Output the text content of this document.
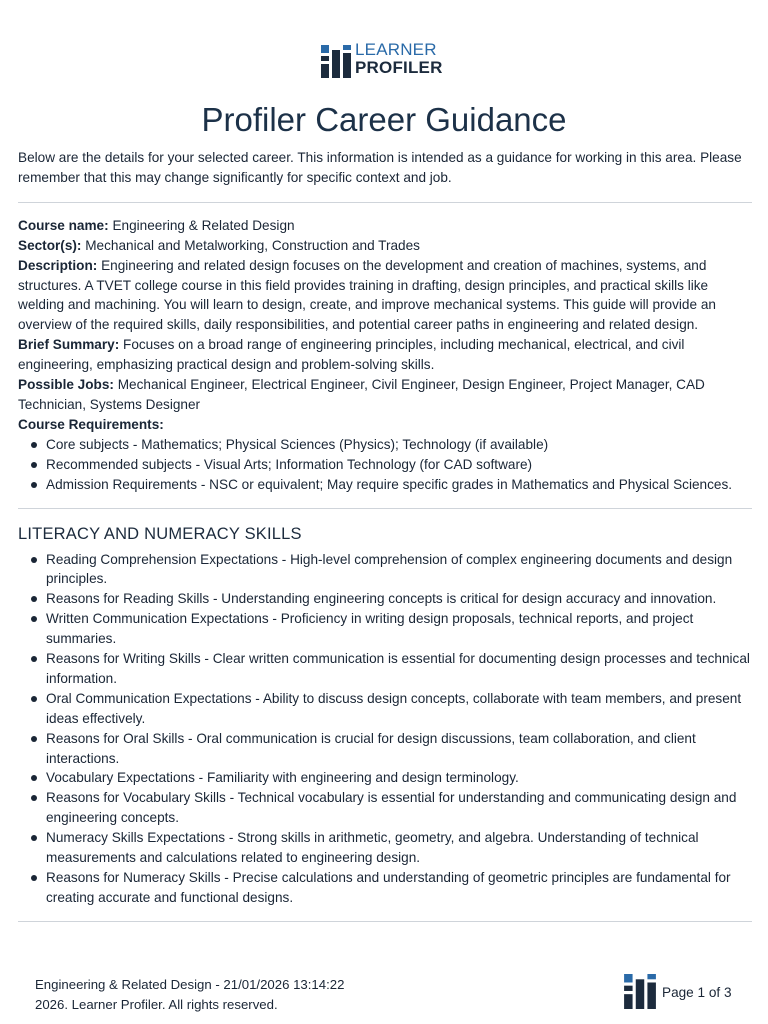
LEARNER
PROFILER
Profiler Career Guidance

Below are the details for your selected career. This information is intended as a guidance for working in this area. Please remember that this may change significantly for specific context and job.

Course name: Engineering & Related Design

Sector(s): Mechanical and Metalworking, Construction and Trades

Description: Engineering and related design focuses on the development and creation of machines, systems, and structures. A TVET college course in this field provides training in drafting, design principles, and practical skills like welding and machining. You will learn to design, create, and improve mechanical systems. This guide will provide an overview of the required skills, daily responsibilities, and potential career paths in engineering and related design.

Brief Summary: Focuses on a broad range of engineering principles, including mechanical, electrical, and civil engineering, emphasizing practical design and problem-solving skills.

Possible Jobs: Mechanical Engineer, Electrical Engineer, Civil Engineer, Design Engineer, Project Manager, CAD Technician, Systems Designer

Course Requirements:

Core subjects - Mathematics; Physical Sciences (Physics); Technology (if available)
Recommended subjects - Visual Arts; Information Technology (for CAD software)
Admission Requirements - NSC or equivalent; May require specific grades in Mathematics and Physical Sciences.
LITERACY AND NUMERACY SKILLS
Reading Comprehension Expectations - High-level comprehension of complex engineering documents and design principles.
Reasons for Reading Skills - Understanding engineering concepts is critical for design accuracy and innovation.
Written Communication Expectations - Proficiency in writing design proposals, technical reports, and project summaries.
Reasons for Writing Skills - Clear written communication is essential for documenting design processes and technical information.
Oral Communication Expectations - Ability to discuss design concepts, collaborate with team members, and present ideas effectively.
Reasons for Oral Skills - Oral communication is crucial for design discussions, team collaboration, and client interactions.
Vocabulary Expectations - Familiarity with engineering and design terminology.
Reasons for Vocabulary Skills - Technical vocabulary is essential for understanding and communicating design and engineering concepts.
Numeracy Skills Expectations - Strong skills in arithmetic, geometry, and algebra. Understanding of technical measurements and calculations related to engineering design.
Reasons for Numeracy Skills - Precise calculations and understanding of geometric principles are fundamental for creating accurate and functional designs.
Engineering & Related Design - 21/01/2026 13:14:22
2026. Learner Profiler. All rights reserved.
Page 1 of 3
